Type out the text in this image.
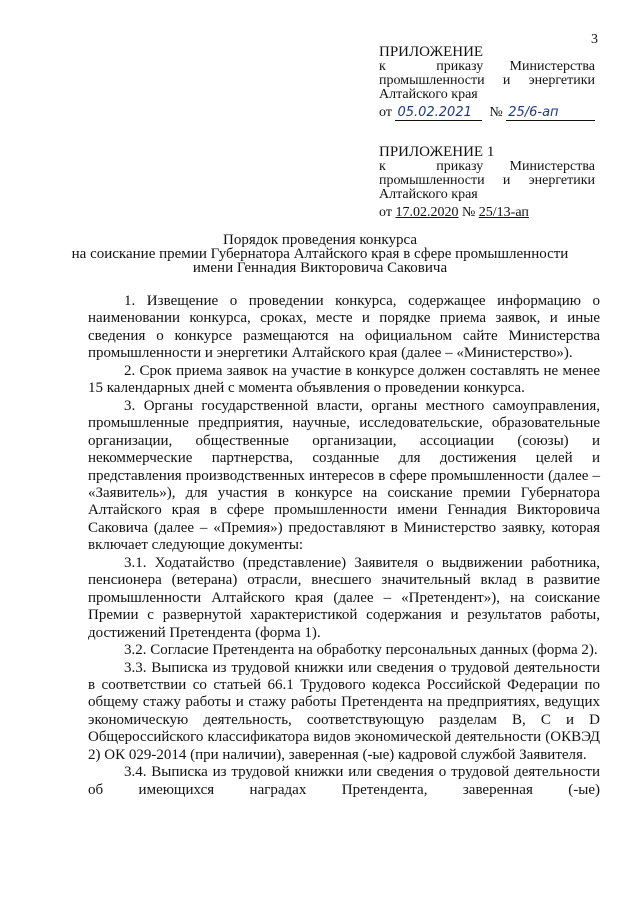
3
ПРИЛОЖЕНИЕ
к	приказу	Министерства
промышленности и энергетики
Алтайского края
от
05.02.2021
	№
25/6-ап
ПРИЛОЖЕНИЕ 1
к	приказу	Министерства
промышленности и энергетики
Алтайского края
от
17.02.2020
№
25/13-ап
Порядок проведения конкурса
на соискание премии Губернатора Алтайского края в сфере промышленности
имени Геннадия Викторовича Саковича

1. Извещение о проведении конкурса, содержащее информацию о наименовании конкурса, сроках, месте и порядке приема заявок, и иные сведения о конкурсе размещаются на официальном сайте Министерства промышленности и энергетики Алтайского края (далее – «Министерство»).

2. Срок приема заявок на участие в конкурсе должен составлять не менее 15 календарных дней с момента объявления о проведении конкурса.

3. Органы государственной власти, органы местного самоуправления, промышленные предприятия, научные, исследовательские, образовательные организации, общественные организации, ассоциации (союзы) и некоммерческие партнерства, созданные для достижения целей и представления производственных интересов в сфере промышленности (далее – «Заявитель»), для участия в конкурсе на соискание премии Губернатора Алтайского края в сфере промышленности имени Геннадия Викторовича Саковича (далее – «Премия») предоставляют в Министерство заявку, которая включает следующие документы:

3.1. Ходатайство (представление) Заявителя о выдвижении работника, пенсионера (ветерана) отрасли, внесшего значительный вклад в развитие промышленности Алтайского края (далее – «Претендент»), на соискание Премии с развернутой характеристикой содержания и результатов работы, достижений Претендента (форма 1).

3.2. Согласие Претендента на обработку персональных данных (форма 2).

3.3. Выписка из трудовой книжки или сведения о трудовой деятельности в соответствии со статьей 66.1 Трудового кодекса Российской Федерации по общему стажу работы и стажу работы Претендента на предприятиях, ведущих экономическую деятельность, соответствующую разделам B, C и D Общероссийского классификатора видов экономической деятельности (ОКВЭД 2) ОК 029-2014 (при наличии), заверенная (-ые) кадровой службой Заявителя.

3.4. Выписка из трудовой книжки или сведения о трудовой деятельности об имеющихся наградах Претендента, заверенная (-ые)
